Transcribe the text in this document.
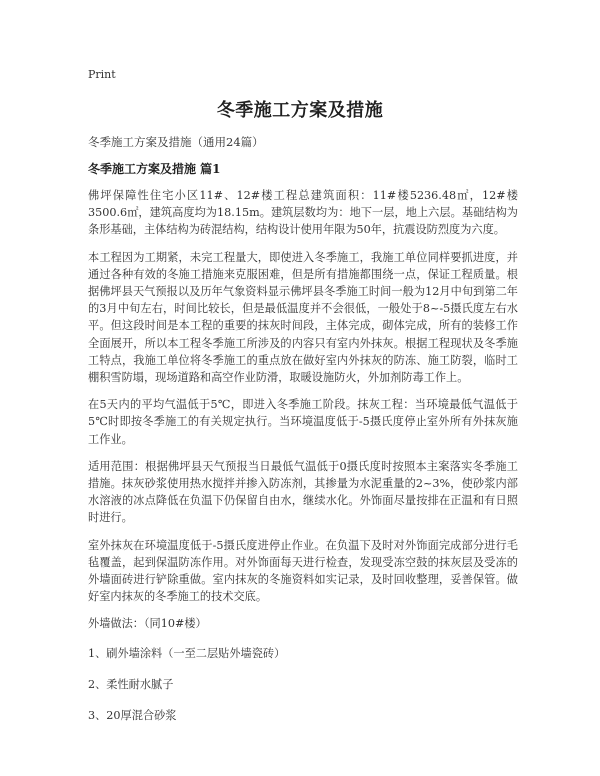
Print
冬季施工方案及措施
冬季施工方案及措施（通用24篇）
冬季施工方案及措施 篇1

佛坪保障性住宅小区11#、12#楼工程总建筑面积：11#楼5236.48㎡，12#楼3500.6㎡，建筑高度均为18.15m。建筑层数均为：地下一层，地上六层。基础结构为条形基础，主体结构为砖混结构，结构设计使用年限为50年，抗震设防烈度为六度。

本工程因为工期紧，未完工程量大，即使进入冬季施工，我施工单位同样要抓进度，并通过各种有效的冬施工措施来克服困难，但是所有措施都围绕一点，保证工程质量。根据佛坪县天气预报以及历年气象资料显示佛坪县冬季施工时间一般为12月中旬到第二年的3月中旬左右，时间比较长，但是最低温度并不会很低，一般处于8~-5摄氏度左右水平。但这段时间是本工程的重要的抹灰时间段，主体完成，砌体完成，所有的装修工作全面展开，所以本工程冬季施工所涉及的内容只有室内外抹灰。根据工程现状及冬季施工特点，我施工单位将冬季施工的重点放在做好室内外抹灰的防冻、施工防裂，临时工棚积雪防塌，现场道路和高空作业防滑，取暖设施防火，外加剂防毒工作上。

在5天内的平均气温低于5℃，即进入冬季施工阶段。抹灰工程：当环境最低气温低于5℃时即按冬季施工的有关规定执行。当环境温度低于-5摄氏度停止室外所有外抹灰施工作业。

适用范围：根据佛坪县天气预报当日最低气温低于0摄氏度时按照本主案落实冬季施工措施。抹灰砂浆使用热水搅拌并掺入防冻剂，其掺量为水泥重量的2~3%，使砂浆内部水溶液的冰点降低在负温下仍保留自由水，继续水化。外饰面尽量按排在正温和有日照时进行。

室外抹灰在环境温度低于-5摄氏度进停止作业。在负温下及时对外饰面完成部分进行毛毡覆盖，起到保温防冻作用。对外饰面每天进行检查，发现受冻空鼓的抹灰层及受冻的外墙面砖进行铲除重做。室内抹灰的冬施资料如实记录，及时回收整理，妥善保管。做好室内抹灰的冬季施工的技术交底。

外墙做法：（同10#楼）

1、刷外墙涂料（一至二层贴外墙瓷砖）

2、柔性耐水腻子

3、20厚混合砂浆
